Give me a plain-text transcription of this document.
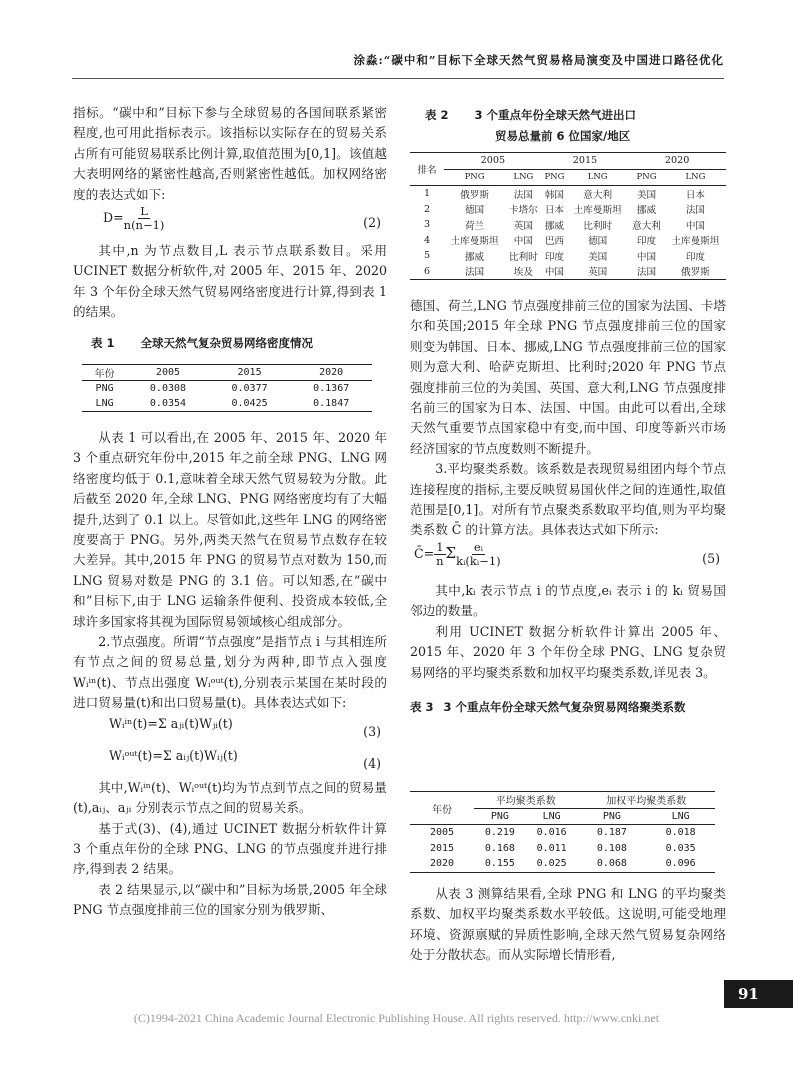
涂淼:“碳中和”目标下全球天然气贸易格局演变及中国进口路径优化

指标。“碳中和”目标下参与全球贸易的各国间联系紧密程度,也可用此指标表示。该指标以实际存在的贸易关系占所有可能贸易联系比例计算,取值范围为[0,1]。该值越大表明网络的紧密性越高,否则紧密性越低。加权网络密度的表达式如下:

$D= \frac{L}{n(n-1)}$	(2)

其中,n 为节点数目,L 表示节点联系数目。采用 UCINET 数据分析软件,对 2005 年、2015 年、2020 年 3 个年份全球天然气贸易网络密度进行计算,得到表 1 的结果。

表 1 全球天然气复杂贸易网络密度情况
年份	2005	2015	2020
PNG	0.0308	0.0377	0.1367
LNG	0.0354	0.0425	0.1847

从表 1 可以看出,在 2005 年、2015 年、2020 年 3 个重点研究年份中,2015 年之前全球 PNG、LNG 网络密度均低于 0.1,意味着全球天然气贸易较为分散。此后截至 2020 年,全球 LNG、PNG 网络密度均有了大幅提升,达到了 0.1 以上。尽管如此,这些年 LNG 的网络密度要高于 PNG。另外,两类天然气在贸易节点数存在较大差异。其中,2015 年 PNG 的贸易节点对数为 150,而 LNG 贸易对数是 PNG 的 3.1 倍。可以知悉,在“碳中和”目标下,由于 LNG 运输条件便利、投资成本较低,全球许多国家将其视为国际贸易领域核心组成部分。

2.节点强度。所谓“节点强度”是指节点 i 与其相连所有节点之间的贸易总量,划分为两种,即节点入强度 Wᵢⁱⁿ(t)、节点出强度 Wᵢᵒᵘᵗ(t),分别表示某国在某时段的进口贸易量(t)和出口贸易量(t)。具体表达式如下:

Wᵢⁱⁿ(t)=Σ aⱼᵢ(t)Wⱼᵢ(t)
(3)
Wᵢᵒᵘᵗ(t)=Σ aᵢⱼ(t)Wᵢⱼ(t)
(4)

其中,Wᵢⁱⁿ(t)、Wᵢᵒᵘᵗ(t)均为节点到节点之间的贸易量(t),aᵢⱼ、aⱼᵢ 分别表示节点之间的贸易关系。

基于式(3)、(4),通过 UCINET 数据分析软件计算 3 个重点年份的全球 PNG、LNG 的节点强度并进行排序,得到表 2 结果。

表 2 结果显示,以“碳中和”目标为场景,2005 年全球 PNG 节点强度排前三位的国家分别为俄罗斯、

表 2 3 个重点年份全球天然气进出口
贸易总量前 6 位国家/地区
排名	2005		2015		2020	
	PNG	LNG	PNG	LNG	PNG	LNG
1	俄罗斯	法国	韩国	意大利	美国	日本
2	德国	卡塔尔	日本	土库曼斯坦	挪威	法国
3	荷兰	英国	挪威	比利时	意大利	中国
4	土库曼斯坦	中国	巴西	德国	印度	土库曼斯坦
5	挪威	比利时	印度	美国	中国	印度
6	法国	埃及	中国	英国	法国	俄罗斯

德国、荷兰,LNG 节点强度排前三位的国家为法国、卡塔尔和英国;2015 年全球 PNG 节点强度排前三位的国家则变为韩国、日本、挪威,LNG 节点强度排前三位的国家则为意大利、哈萨克斯坦、比利时;2020 年 PNG 节点强度排前三位的为美国、英国、意大利,LNG 节点强度排名前三的国家为日本、法国、中国。由此可以看出,全球天然气重要节点国家稳中有变,而中国、印度等新兴市场经济国家的节点度数则不断提升。

3.平均聚类系数。该系数是表现贸易组团内每个节点连接程度的指标,主要反映贸易国伙伴之间的连通性,取值范围是[0,1]。对所有节点聚类系数取平均值,则为平均聚类系数 C̄ 的计算方法。具体表达式如下所示:

C̄= $\frac{1}{n}$ Σ $\frac{\text{eᵢ}}{\text{kᵢ(kᵢ−1)}}$	(5)

其中,kᵢ 表示节点 i 的节点度,eᵢ 表示 i 的 kᵢ 贸易国邻边的数量。

利用 UCINET 数据分析软件计算出 2005 年、2015 年、2020 年 3 个年份全球 PNG、LNG 复杂贸易网络的平均聚类系数和加权平均聚类系数,详见表 3。

表 3 3 个重点年份全球天然气复杂贸易网络聚类系数
年份	平均聚类系数		加权平均聚类系数	
	PNG	LNG	PNG	LNG
2005	0.219	0.016	0.187	0.018
2015	0.168	0.011	0.108	0.035
2020	0.155	0.025	0.068	0.096

从表 3 测算结果看,全球 PNG 和 LNG 的平均聚类系数、加权平均聚类系数水平较低。这说明,可能受地理环境、资源禀赋的异质性影响,全球天然气贸易复杂网络处于分散状态。而从实际增长情形看,

91
(C)1994-2021 China Academic Journal Electronic Publishing House. All rights reserved. http://www.cnki.net
